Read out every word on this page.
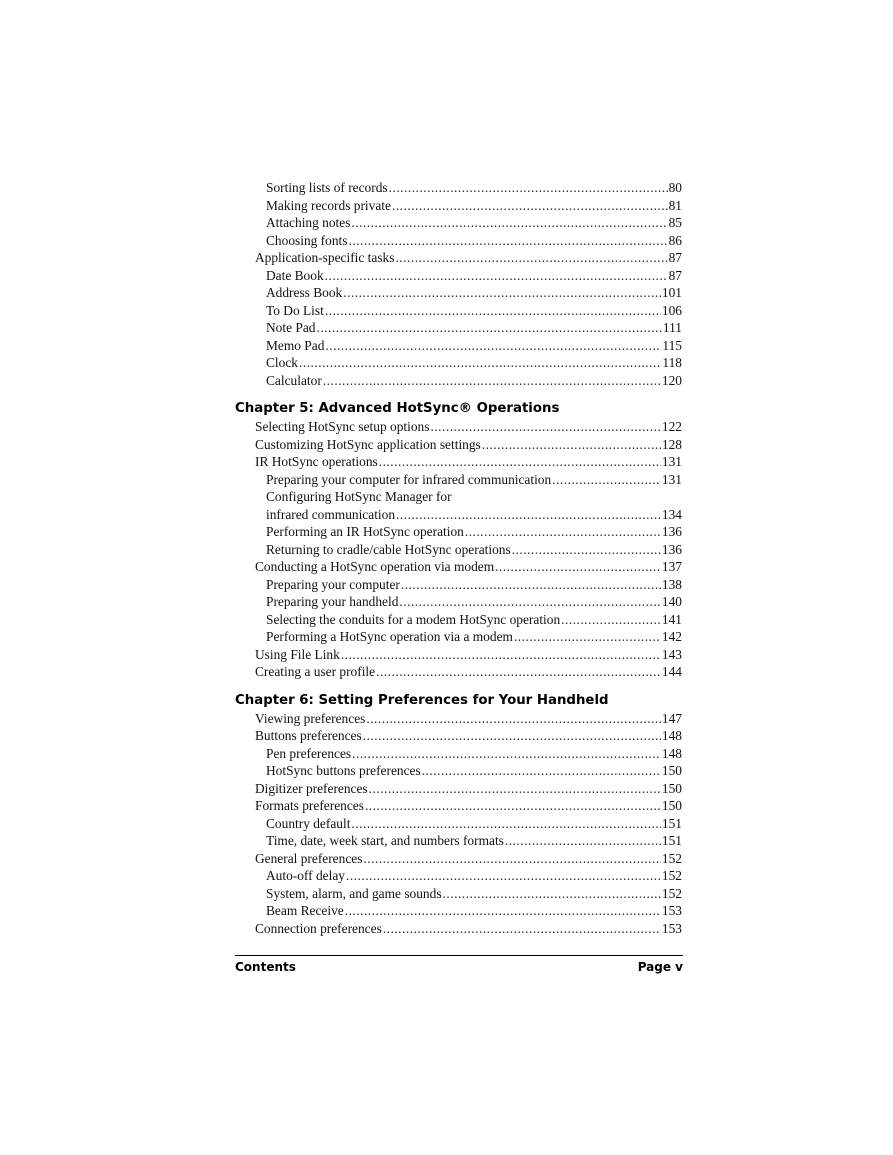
Sorting lists of records .....	80
Making records private .....	81
Attaching notes .....	85
Choosing fonts .....	86
Application-specific tasks .....	87
Date Book .....	87
Address Book .....	101
To Do List .....	106
Note Pad .....	111
Memo Pad .....	115
Clock .....	118
Calculator .....	120
Chapter 5: Advanced HotSync® Operations
Selecting HotSync setup options .....	122
Customizing HotSync application settings .....	128
IR HotSync operations .....	131
Preparing your computer for infrared communication .....	131
Configuring HotSync Manager for
infrared communication .....	134
Performing an IR HotSync operation .....	136
Returning to cradle/cable HotSync operations .....	136
Conducting a HotSync operation via modem .....	137
Preparing your computer .....	138
Preparing your handheld .....	140
Selecting the conduits for a modem HotSync operation .....	141
Performing a HotSync operation via a modem .....	142
Using File Link .....	143
Creating a user profile .....	144
Chapter 6: Setting Preferences for Your Handheld
Viewing preferences .....	147
Buttons preferences .....	148
Pen preferences .....	148
HotSync buttons preferences .....	150
Digitizer preferences .....	150
Formats preferences .....	150
Country default .....	151
Time, date, week start, and numbers formats .....	151
General preferences .....	152
Auto-off delay .....	152
System, alarm, and game sounds .....	152
Beam Receive .....	153
Connection preferences .....	153
Contents	Page v
